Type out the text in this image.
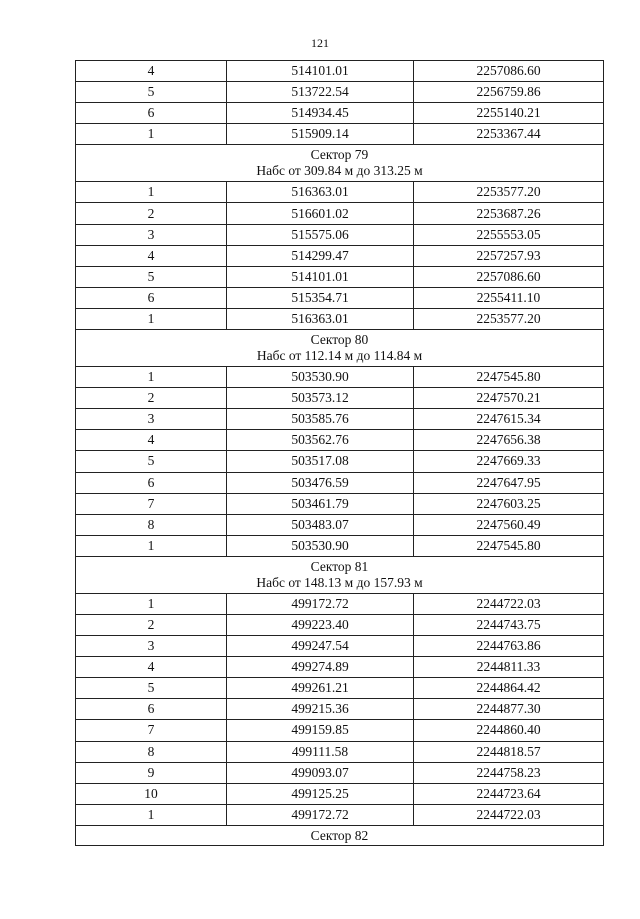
121
4	514101.01	2257086.60
5	513722.54	2256759.86
6	514934.45	2255140.21
1	515909.14	2253367.44

Сектор 79
Набс от 309.84 м до 313.25 м		

1	516363.01	2253577.20
2	516601.02	2253687.26
3	515575.06	2255553.05
4	514299.47	2257257.93
5	514101.01	2257086.60
6	515354.71	2255411.10
1	516363.01	2253577.20

Сектор 80
Набс от 112.14 м до 114.84 м		

1	503530.90	2247545.80
2	503573.12	2247570.21
3	503585.76	2247615.34
4	503562.76	2247656.38
5	503517.08	2247669.33
6	503476.59	2247647.95
7	503461.79	2247603.25
8	503483.07	2247560.49
1	503530.90	2247545.80

Сектор 81
Набс от 148.13 м до 157.93 м		

1	499172.72	2244722.03
2	499223.40	2244743.75
3	499247.54	2244763.86
4	499274.89	2244811.33
5	499261.21	2244864.42
6	499215.36	2244877.30
7	499159.85	2244860.40
8	499111.58	2244818.57
9	499093.07	2244758.23
10	499125.25	2244723.64
1	499172.72	2244722.03

Сектор 82		
